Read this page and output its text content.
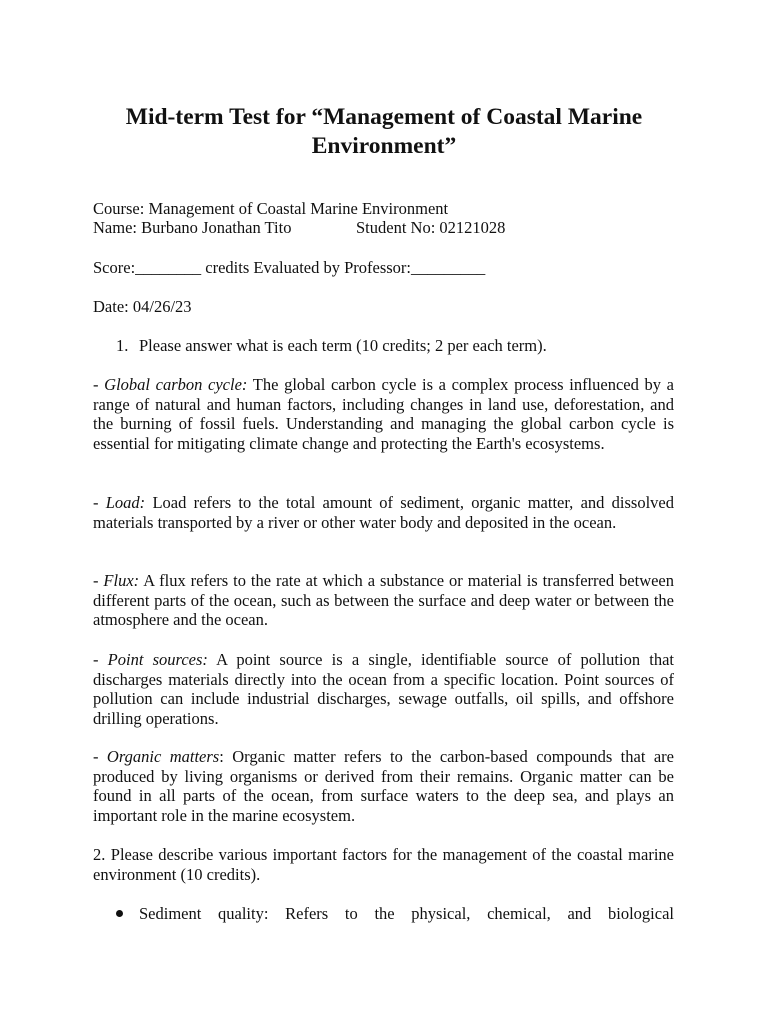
Mid-term Test for “Management of Coastal Marine
Environment”
Course: Management of Coastal Marine Environment
Name: Burbano Jonathan Tito	Student No: 02121028
Score:________ credits Evaluated by Professor:_________
Date: 04/26/23
1. Please answer what is each term (10 credits; 2 per each term).

- Global carbon cycle: The global carbon cycle is a complex process influenced by a range of natural and human factors, including changes in land use, deforestation, and the burning of fossil fuels. Understanding and managing the global carbon cycle is essential for mitigating climate change and protecting the Earth's ecosystems.

- Load: Load refers to the total amount of sediment, organic matter, and dissolved materials transported by a river or other water body and deposited in the ocean.

- Flux: A flux refers to the rate at which a substance or material is transferred between different parts of the ocean, such as between the surface and deep water or between the atmosphere and the ocean.

- Point sources: A point source is a single, identifiable source of pollution that discharges materials directly into the ocean from a specific location. Point sources of pollution can include industrial discharges, sewage outfalls, oil spills, and offshore drilling operations.

- Organic matters: Organic matter refers to the carbon-based compounds that are produced by living organisms or derived from their remains. Organic matter can be found in all parts of the ocean, from surface waters to the deep sea, and plays an important role in the marine ecosystem.

2. Please describe various important factors for the management of the coastal marine environment (10 credits).

Sediment quality: Refers to the physical, chemical, and biological
